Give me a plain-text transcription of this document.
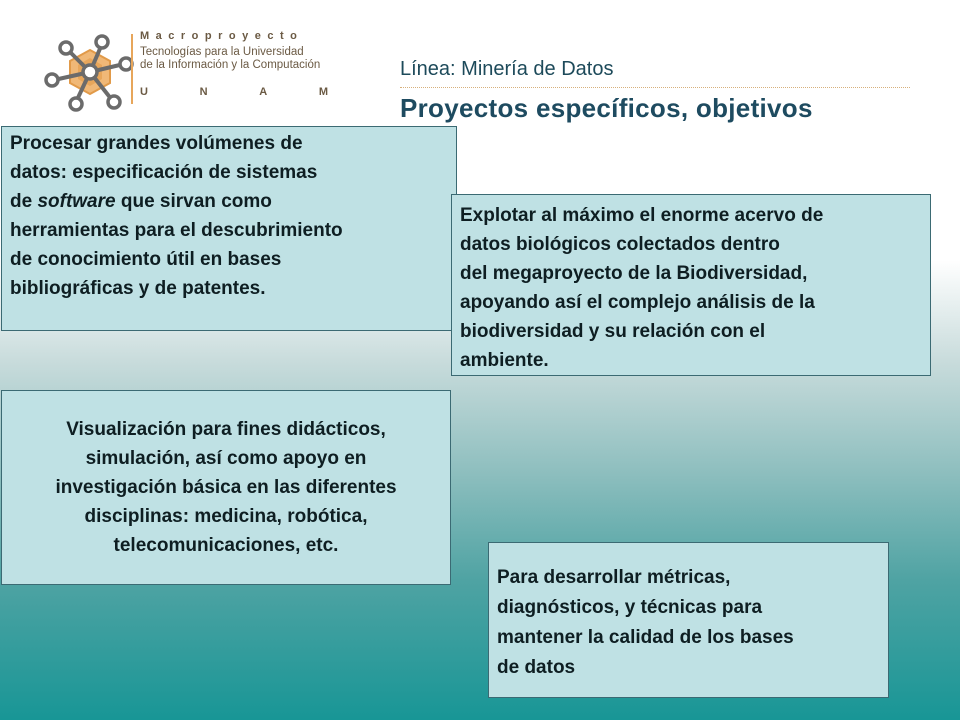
Macroproyecto
Tecnologías para la Universidad
de la Información y la Computación
U	N	A	M
Línea: Minería de Datos
Proyectos específicos, objetivos
Procesar grandes volúmenes de
datos: especificación de sistemas
de software que sirvan como
herramientas para el descubrimiento
de conocimiento útil en bases
bibliográficas y de patentes.
Explotar al máximo el enorme acervo de
datos biológicos colectados dentro
del megaproyecto de la Biodiversidad,
apoyando así el complejo análisis de la
biodiversidad y su relación con el
ambiente.
Visualización para fines didácticos,
simulación, así como apoyo en
investigación básica en las diferentes
disciplinas: medicina, robótica,
telecomunicaciones, etc.
Para desarrollar métricas,
diagnósticos, y técnicas para
mantener la calidad de los bases
de datos
